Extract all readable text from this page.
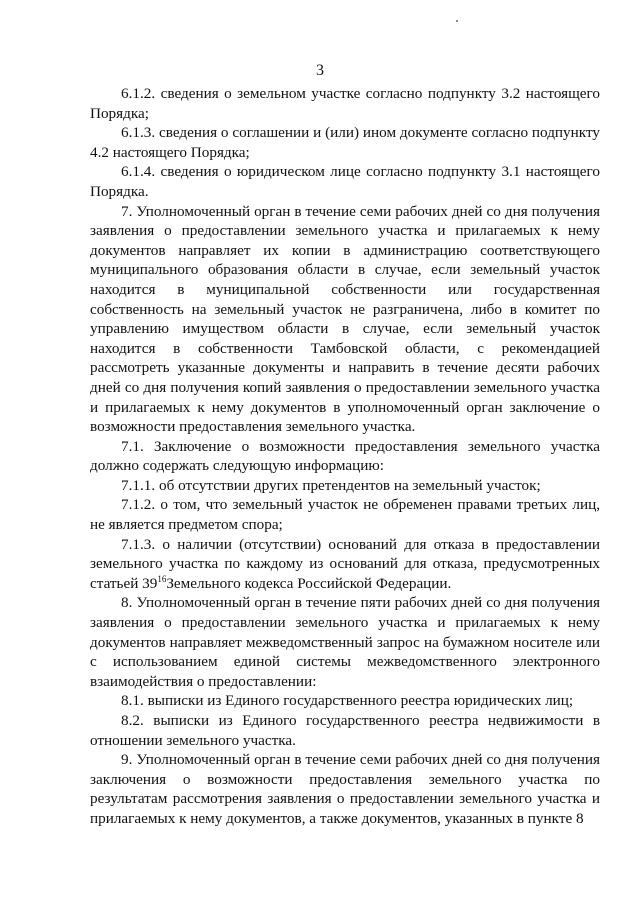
3

6.1.2. сведения о земельном участке согласно подпункту 3.2 настоящего Порядка;

6.1.3. сведения о соглашении и (или) ином документе согласно подпункту 4.2 настоящего Порядка;

6.1.4. сведения о юридическом лице согласно подпункту 3.1 настоящего Порядка.

7. Уполномоченный орган в течение семи рабочих дней со дня получения заявления о предоставлении земельного участка и прилагаемых к нему документов направляет их копии в администрацию соответствующего муниципального образования области в случае, если земельный участок находится в муниципальной собственности или государственная собственность на земельный участок не разграничена, либо в комитет по управлению имуществом области в случае, если земельный участок находится в собственности Тамбовской области, с рекомендацией рассмотреть указанные документы и направить в течение десяти рабочих дней со дня получения копий заявления о предоставлении земельного участка и прилагаемых к нему документов в уполномоченный орган заключение о возможности предоставления земельного участка.

7.1. Заключение о возможности предоставления земельного участка должно содержать следующую информацию:

7.1.1. об отсутствии других претендентов на земельный участок;

7.1.2. о том, что земельный участок не обременен правами третьих лиц, не является предметом спора;

7.1.3. о наличии (отсутствии) оснований для отказа в предоставлении земельного участка по каждому из оснований для отказа, предусмотренных статьей $39^{16}Земельного$ кодекса Российской Федерации.

8. Уполномоченный орган в течение пяти рабочих дней со дня получения заявления о предоставлении земельного участка и прилагаемых к нему документов направляет межведомственный запрос на бумажном носителе или с использованием единой системы межведомственного электронного взаимодействия о предоставлении:

8.1. выписки из Единого государственного реестра юридических лиц;

8.2. выписки из Единого государственного реестра недвижимости в отношении земельного участка.

9. Уполномоченный орган в течение семи рабочих дней со дня получения заключения о возможности предоставления земельного участка по результатам рассмотрения заявления о предоставлении земельного участка и прилагаемых к нему документов, а также документов, указанных в пункте 8
